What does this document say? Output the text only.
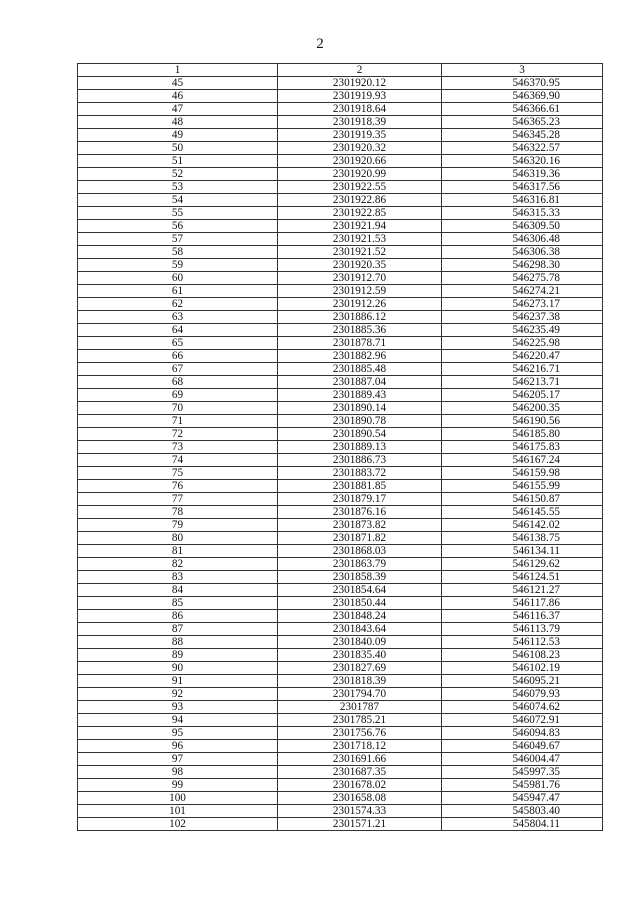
2
1	2	3
45	2301920.12	546370.95
46	2301919.93	546369.90
47	2301918.64	546366.61
48	2301918.39	546365.23
49	2301919.35	546345.28
50	2301920.32	546322.57
51	2301920.66	546320.16
52	2301920.99	546319.36
53	2301922.55	546317.56
54	2301922.86	546316.81
55	2301922.85	546315.33
56	2301921.94	546309.50
57	2301921.53	546306.48
58	2301921.52	546306.38
59	2301920.35	546298.30
60	2301912.70	546275.78
61	2301912.59	546274.21
62	2301912.26	546273.17
63	2301886.12	546237.38
64	2301885.36	546235.49
65	2301878.71	546225.98
66	2301882.96	546220.47
67	2301885.48	546216.71
68	2301887.04	546213.71
69	2301889.43	546205.17
70	2301890.14	546200.35
71	2301890.78	546190.56
72	2301890.54	546185.80
73	2301889.13	546175.83
74	2301886.73	546167.24
75	2301883.72	546159.98
76	2301881.85	546155.99
77	2301879.17	546150.87
78	2301876.16	546145.55
79	2301873.82	546142.02
80	2301871.82	546138.75
81	2301868.03	546134.11
82	2301863.79	546129.62
83	2301858.39	546124.51
84	2301854.64	546121.27
85	2301850.44	546117.86
86	2301848.24	546116.37
87	2301843.64	546113.79
88	2301840.09	546112.53
89	2301835.40	546108.23
90	2301827.69	546102.19
91	2301818.39	546095.21
92	2301794.70	546079.93
93	2301787	546074.62
94	2301785.21	546072.91
95	2301756.76	546094.83
96	2301718.12	546049.67
97	2301691.66	546004.47
98	2301687.35	545997.35
99	2301678.02	545981.76
100	2301658.08	545947.47
101	2301574.33	545803.40
102	2301571.21	545804.11
